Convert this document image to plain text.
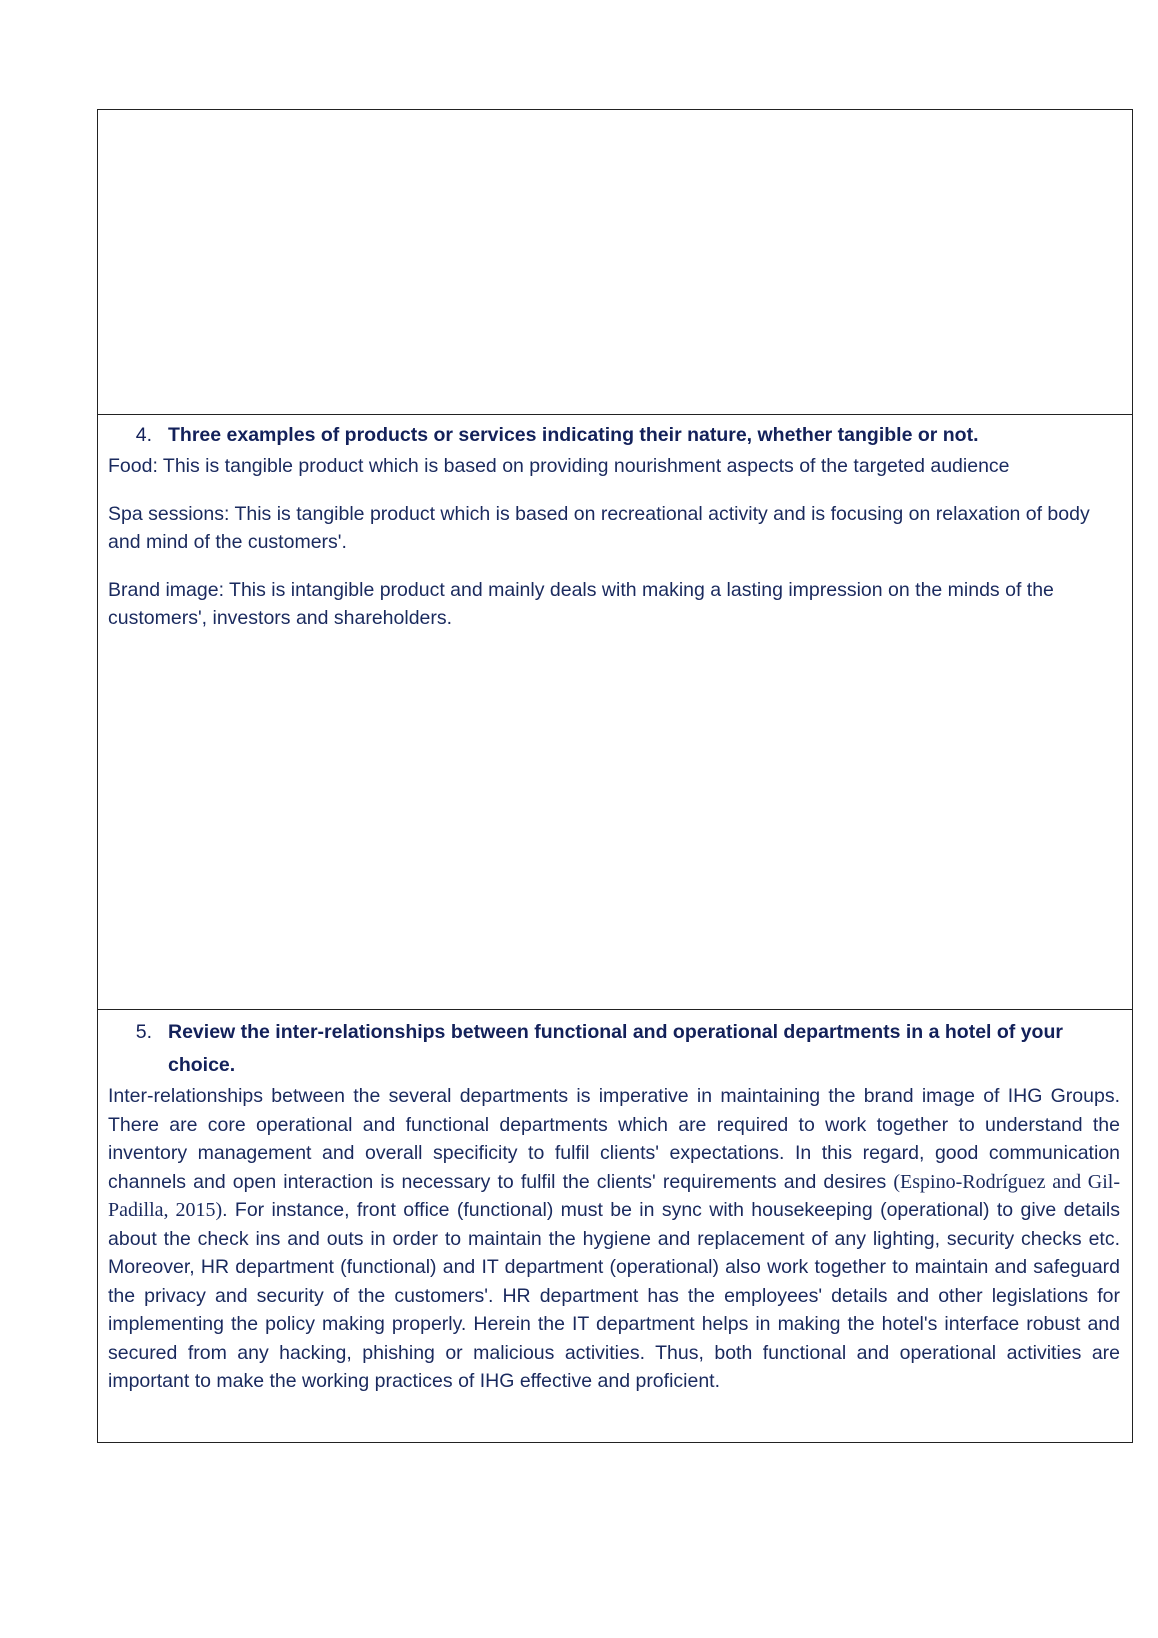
4. Three examples of products or services indicating their nature, whether tangible or not.

Food: This is tangible product which is based on providing nourishment aspects of the targeted audience

Spa sessions: This is tangible product which is based on recreational activity and is focusing on relaxation of body and mind of the customers'.

Brand image: This is intangible product and mainly deals with making a lasting impression on the minds of the customers', investors and shareholders.

5. Review the inter-relationships between functional and operational departments in a hotel of your choice.

Inter-relationships between the several departments is imperative in maintaining the brand image of IHG Groups. There are core operational and functional departments which are required to work together to understand the inventory management and overall specificity to fulfil clients' expectations. In this regard, good communication channels and open interaction is necessary to fulfil the clients' requirements and desires (Espino-Rodríguez and Gil-Padilla, 2015). For instance, front office (functional) must be in sync with housekeeping (operational) to give details about the check ins and outs in order to maintain the hygiene and replacement of any lighting, security checks etc. Moreover, HR department (functional) and IT department (operational) also work together to maintain and safeguard the privacy and security of the customers'. HR department has the employees' details and other legislations for implementing the policy making properly. Herein the IT department helps in making the hotel's interface robust and secured from any hacking, phishing or malicious activities. Thus, both functional and operational activities are important to make the working practices of IHG effective and proficient.
